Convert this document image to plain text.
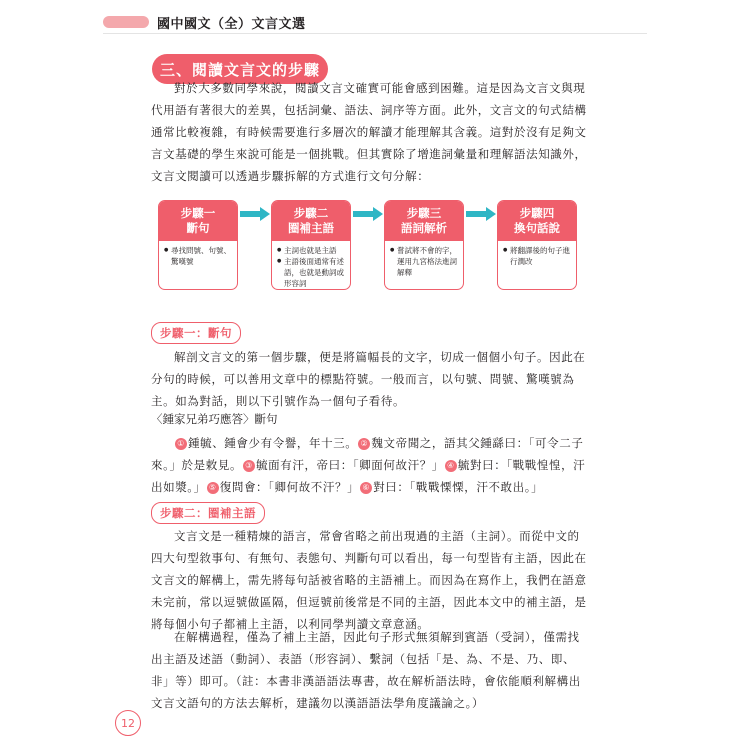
國中國文（全）文言文選
三、閱讀文言文的步驟

對於大多數同學來說，閱讀文言文確實可能會感到困難。這是因為文言文與現代用語有著很大的差異，包括詞彙、語法、詞序等方面。此外，文言文的句式結構通常比較複雜，有時候需要進行多層次的解讀才能理解其含義。這對於沒有足夠文言文基礎的學生來說可能是一個挑戰。但其實除了增進詞彙量和理解語法知識外，文言文閱讀可以透過步驟拆解的方式進行文句分解：

步驟一
斷句
● 尋找問號、句號、驚嘆號
步驟二
圈補主語
● 主詞也就是主語
● 主語後面通常有述語，也就是動詞或形容詞
步驟三
語詞解析
● 嘗試將不會的字，運用九宮格法進詞解釋
步驟四
換句話說
● 將翻譯後的句子進行潤改
步驟一：斷句

解剖文言文的第一個步驟，便是將篇幅長的文字，切成一個個小句子。因此在分句的時候，可以善用文章中的標點符號。一般而言，以句號、問號、驚嘆號為主。如為對話，則以下引號作為一個句子看待。

〈鍾家兄弟巧應答〉斷句

① 鍾毓、鍾會少有令譽，年十三。 ② 魏文帝聞之，語其父鍾繇曰：「可令二子來。」於是敕見。 ③ 毓面有汗，帝曰：「卿面何故汗？」 ④ 毓對曰：「戰戰惶惶，汗出如漿。」 ⑤ 復問會：「卿何故不汗？」 ⑥ 對曰：「戰戰慄慄，汗不敢出。」

步驟二：圈補主語

文言文是一種精煉的語言，常會省略之前出現過的主語（主詞）。而從中文的四大句型敘事句、有無句、表態句、判斷句可以看出，每一句型皆有主語，因此在文言文的解構上，需先將每句話被省略的主語補上。而因為在寫作上，我們在語意未完前，常以逗號做區隔，但逗號前後常是不同的主語，因此本文中的補主語，是將每個小句子都補上主語，以利同學判讀文章意涵。

在解構過程，僅為了補上主語，因此句子形式無須解到賓語（受詞），僅需找出主語及述語（動詞）、表語（形容詞）、繫詞（包括「是、為、不是、乃、即、非」等）即可。（註：本書非漢語語法專書，故在解析語法時，會依能順利解構出文言文語句的方法去解析，建議勿以漢語語法學角度議論之。）

12
